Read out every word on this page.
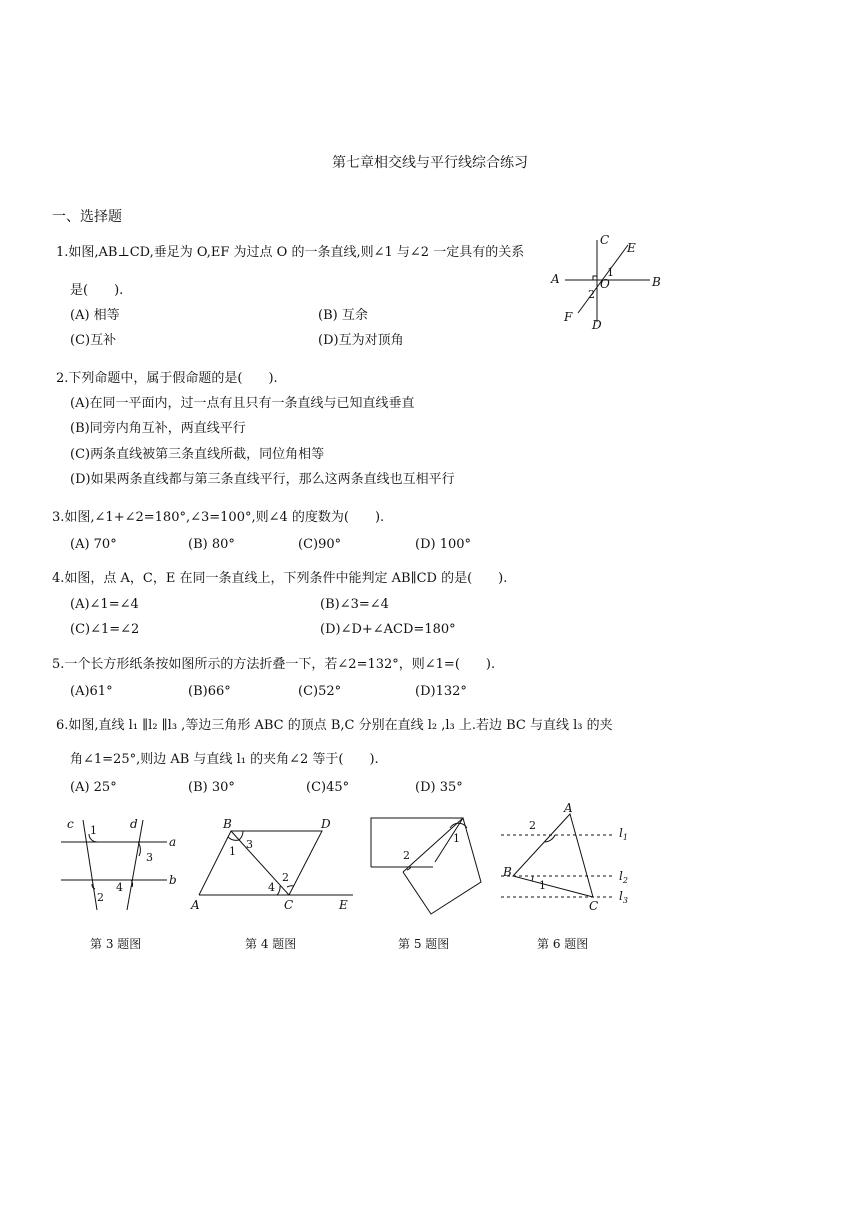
第七章相交线与平行线综合练习
一、选择题
1.如图,AB⊥CD,垂足为 O,EF 为过点 O 的一条直线,则∠1 与∠2 一定具有的关系
是(　　).
(A) 相等	(B) 互余
(C)互补	(D)互为对顶角
C
E
A	B
O
F
D
1
2
2.下列命题中，属于假命题的是(　　).
(A)在同一平面内，过一点有且只有一条直线与已知直线垂直
(B)同旁内角互补，两直线平行
(C)两条直线被第三条直线所截，同位角相等
(D)如果两条直线都与第三条直线平行，那么这两条直线也互相平行
3.如图,∠1+∠2=180°,∠3=100°,则∠4 的度数为(　　).
(A) 70°	(B) 80°	(C)90°	(D) 100°
4.如图，点 A，C，E 在同一条直线上，下列条件中能判定 AB∥CD 的是(　　).
(A)∠1=∠4	(B)∠3=∠4
(C)∠1=∠2	(D)∠D+∠ACD=180°
5.一个长方形纸条按如图所示的方法折叠一下，若∠2=132°，则∠1=(　　).
(A)61°	(B)66°	(C)52°	(D)132°
6.如图,直线 l₁ ∥l₂ ∥l₃ ,等边三角形 ABC 的顶点 B,C 分别在直线 l₂ ,l₃ 上.若边 BC 与直线 l₃ 的夹
角∠1=25°,则边 AB 与直线 l₁ 的夹角∠2 等于(　　).
(A) 25°	(B) 30°	(C)45°	(D) 35°
c	d
a
b
1
2
3
4
B	D
A	C	E
1
2
3
4
1
2
A
B
C
$l_1$
$l_2$
$l_3$
1
2
第 3 题图	第 4 题图	第 5 题图	第 6 题图
